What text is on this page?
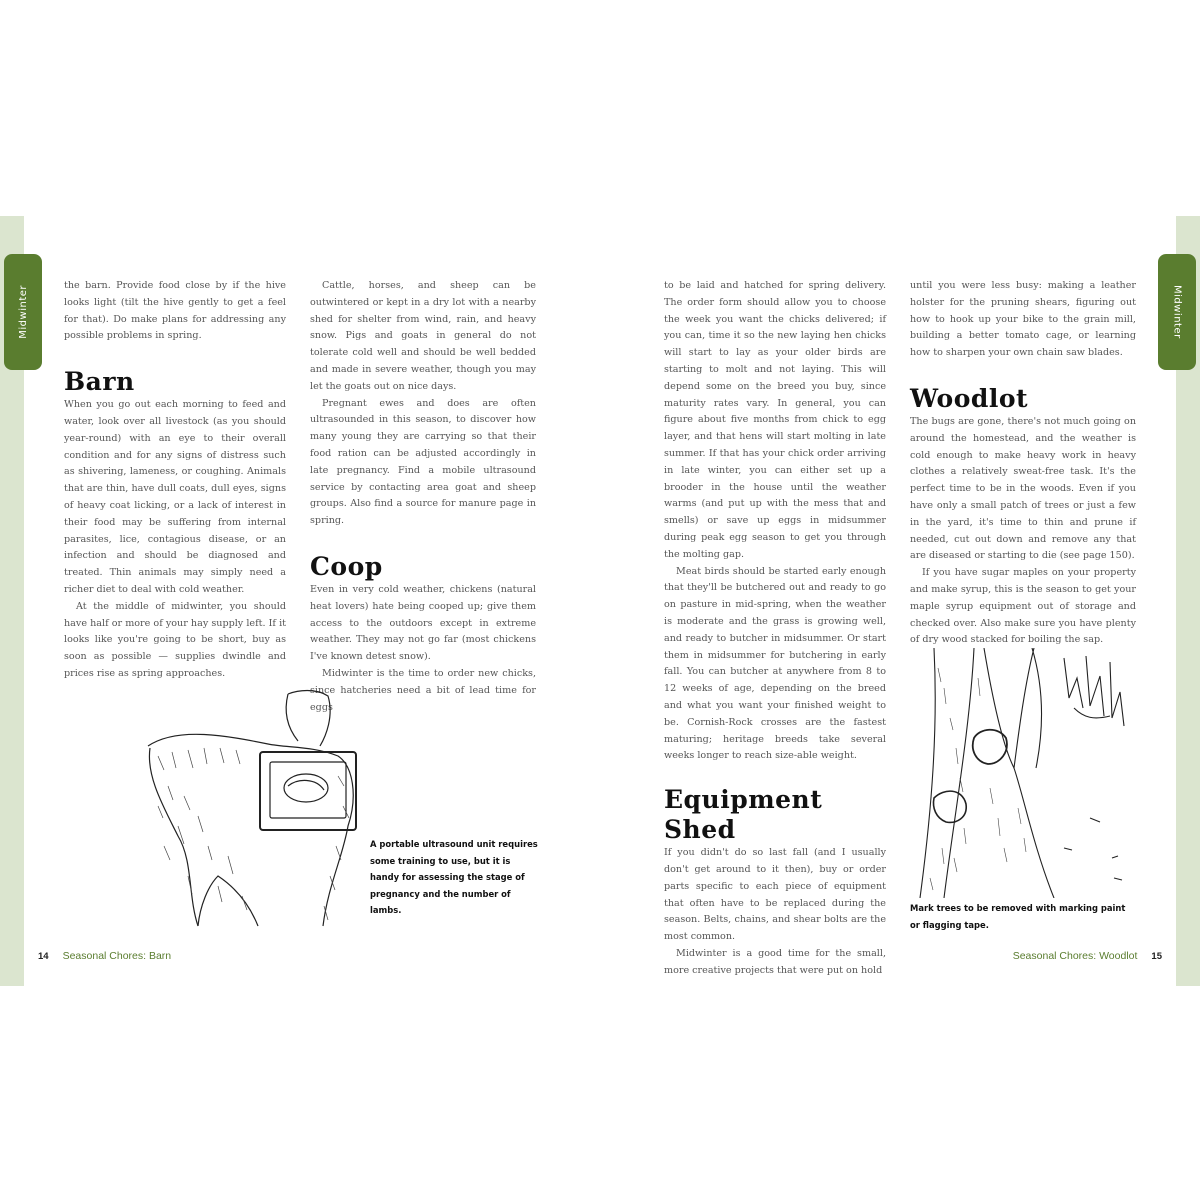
Midwinter	Midwinter

the barn. Provide food close by if the hive looks light (tilt the hive gently to get a feel for that). Do make plans for addressing any possible problems in spring.

Barn

When you go out each morning to feed and water, look over all livestock (as you should year-round) with an eye to their overall condition and for any signs of distress such as shivering, lameness, or coughing. Animals that are thin, have dull coats, dull eyes, signs of heavy coat licking, or a lack of interest in their food may be suffering from internal parasites, lice, contagious disease, or an infection and should be diagnosed and treated. Thin animals may simply need a richer diet to deal with cold weather.

At the middle of midwinter, you should have half or more of your hay supply left. If it looks like you're going to be short, buy as soon as possible — supplies dwindle and prices rise as spring approaches.

Cattle, horses, and sheep can be outwintered or kept in a dry lot with a nearby shed for shelter from wind, rain, and heavy snow. Pigs and goats in general do not tolerate cold well and should be well bedded and made in severe weather, though you may let the goats out on nice days.

Pregnant ewes and does are often ultrasounded in this season, to discover how many young they are carrying so that their food ration can be adjusted accordingly in late pregnancy. Find a mobile ultrasound service by contacting area goat and sheep groups. Also find a source for manure page in spring.

Coop

Even in very cold weather, chickens (natural heat lovers) hate being cooped up; give them access to the outdoors except in extreme weather. They may not go far (most chickens I've known detest snow).

Midwinter is the time to order new chicks, since hatcheries need a bit of lead time for eggs

A portable ultrasound unit requires some training to use, but it is handy for assessing the stage of pregnancy and the number of lambs.
14 Seasonal Chores: Barn

to be laid and hatched for spring delivery. The order form should allow you to choose the week you want the chicks delivered; if you can, time it so the new laying hen chicks will start to lay as your older birds are starting to molt and not laying. This will depend some on the breed you buy, since maturity rates vary. In general, you can figure about five months from chick to egg layer, and that hens will start molting in late summer. If that has your chick order arriving in late winter, you can either set up a brooder in the house until the weather warms (and put up with the mess that and smells) or save up eggs in midsummer during peak egg season to get you through the molting gap.

Meat birds should be started early enough that they'll be butchered out and ready to go on pasture in mid-spring, when the weather is moderate and the grass is growing well, and ready to butcher in midsummer. Or start them in midsummer for butchering in early fall. You can butcher at anywhere from 8 to 12 weeks of age, depending on the breed and what you want your finished weight to be. Cornish-Rock crosses are the fastest maturing; heritage breeds take several weeks longer to reach size-able weight.

Equipment Shed

If you didn't do so last fall (and I usually don't get around to it then), buy or order parts specific to each piece of equipment that often have to be replaced during the season. Belts, chains, and shear bolts are the most common.

Midwinter is a good time for the small, more creative projects that were put on hold

until you were less busy: making a leather holster for the pruning shears, figuring out how to hook up your bike to the grain mill, building a better tomato cage, or learning how to sharpen your own chain saw blades.

Woodlot

The bugs are gone, there's not much going on around the homestead, and the weather is cold enough to make heavy work in heavy clothes a relatively sweat-free task. It's the perfect time to be in the woods. Even if you have only a small patch of trees or just a few in the yard, it's time to thin and prune if needed, cut out down and remove any that are diseased or starting to die (see page 150).

If you have sugar maples on your property and make syrup, this is the season to get your maple syrup equipment out of storage and checked over. Also make sure you have plenty of dry wood stacked for boiling the sap.

Mark trees to be removed with marking paint or flagging tape.
Seasonal Chores: Woodlot 15
